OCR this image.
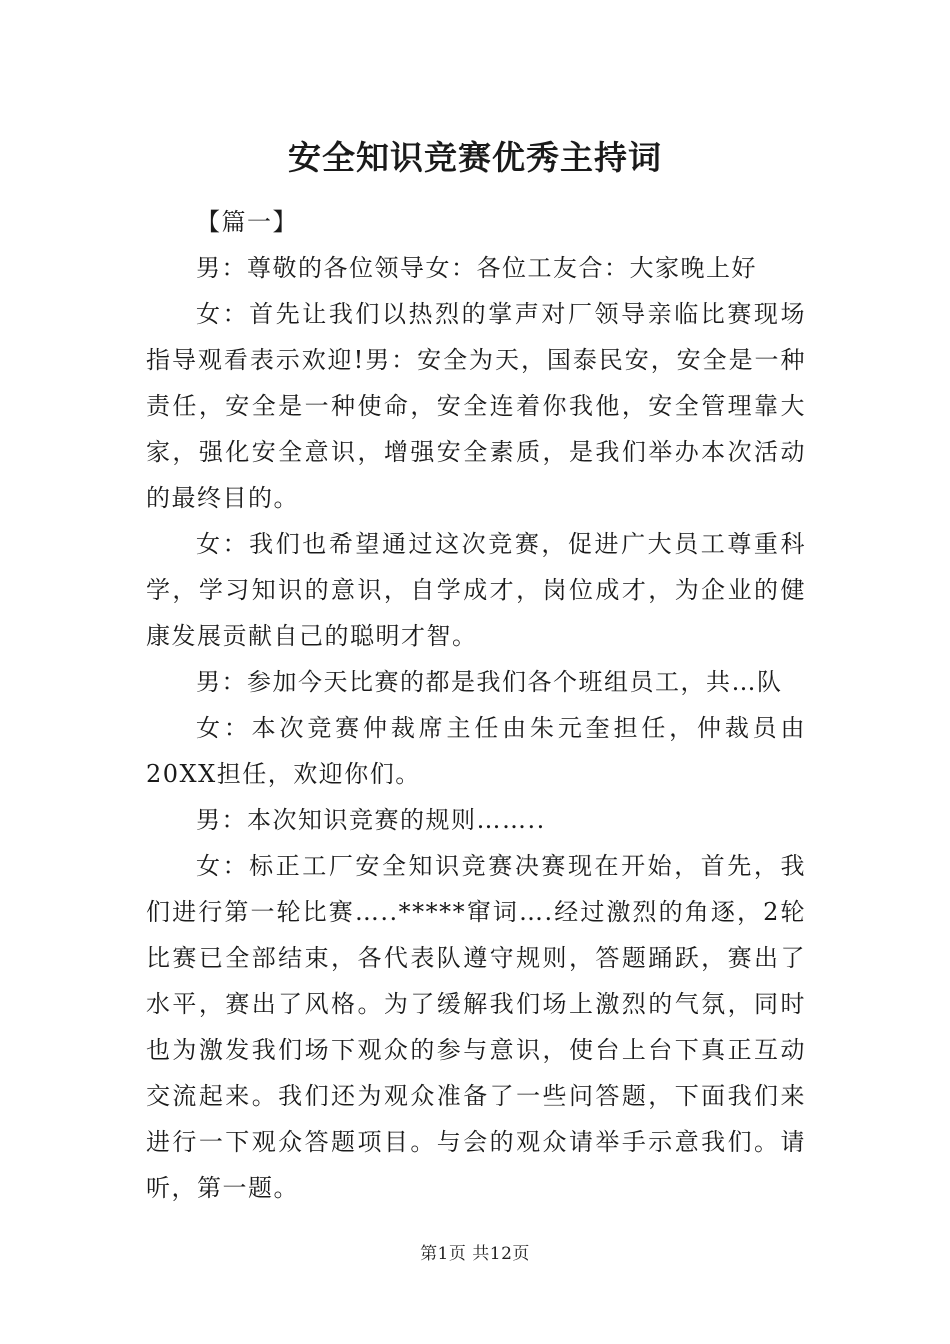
安全知识竞赛优秀主持词

【篇一】

男：尊敬的各位领导女：各位工友合：大家晚上好

女：首先让我们以热烈的掌声对厂领导亲临比赛现场指导观看表示欢迎!男：安全为天，国泰民安，安全是一种责任，安全是一种使命，安全连着你我他，安全管理靠大家，强化安全意识，增强安全素质，是我们举办本次活动的最终目的。

女：我们也希望通过这次竞赛，促进广大员工尊重科学，学习知识的意识，自学成才，岗位成才，为企业的健康发展贡献自己的聪明才智。

男：参加今天比赛的都是我们各个班组员工，共…队

女：本次竞赛仲裁席主任由朱元奎担任，仲裁员由20XX担任，欢迎你们。

男：本次知识竞赛的规则……..

女：标正工厂安全知识竞赛决赛现在开始，首先，我们进行第一轮比赛…..*****窜词….经过激烈的角逐，2轮比赛已全部结束，各代表队遵守规则，答题踊跃，赛出了水平，赛出了风格。为了缓解我们场上激烈的气氛，同时也为激发我们场下观众的参与意识，使台上台下真正互动交流起来。我们还为观众准备了一些问答题，下面我们来进行一下观众答题项目。与会的观众请举手示意我们。请听，第一题。

第1页 共12页
